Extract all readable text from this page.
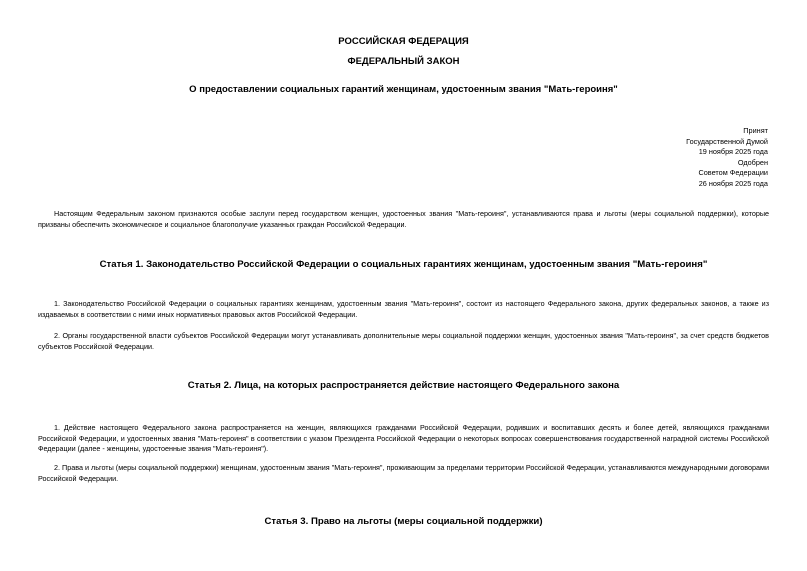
РОССИЙСКАЯ ФЕДЕРАЦИЯ
ФЕДЕРАЛЬНЫЙ ЗАКОН
О предоставлении социальных гарантий женщинам, удостоенным звания "Мать-героиня"
Принят
Государственной Думой
19 ноября 2025 года
Одобрен
Советом Федерации
26 ноября 2025 года
Настоящим Федеральным законом признаются особые заслуги перед государством женщин, удостоенных звания "Мать-героиня", устанавливаются права и льготы (меры социальной поддержки), которые призваны обеспечить экономическое и социальное благополучие указанных граждан Российской Федерации.
Статья 1. Законодательство Российской Федерации о социальных гарантиях женщинам, удостоенным звания "Мать-героиня"
1. Законодательство Российской Федерации о социальных гарантиях женщинам, удостоенным звания "Мать-героиня", состоит из настоящего Федерального закона, других федеральных законов, а также из издаваемых в соответствии с ними иных нормативных правовых актов Российской Федерации.
2. Органы государственной власти субъектов Российской Федерации могут устанавливать дополнительные меры социальной поддержки женщин, удостоенных звания "Мать-героиня", за счет средств бюджетов субъектов Российской Федерации.
Статья 2. Лица, на которых распространяется действие настоящего Федерального закона
1. Действие настоящего Федерального закона распространяется на женщин, являющихся гражданами Российской Федерации, родивших и воспитавших десять и более детей, являющихся гражданами Российской Федерации, и удостоенных звания "Мать-героиня" в соответствии с указом Президента Российской Федерации о некоторых вопросах совершенствования государственной наградной системы Российской Федерации (далее - женщины, удостоенные звания "Мать-героиня").
2. Права и льготы (меры социальной поддержки) женщинам, удостоенным звания "Мать-героиня", проживающим за пределами территории Российской Федерации, устанавливаются международными договорами Российской Федерации.
Статья 3. Право на льготы (меры социальной поддержки)
